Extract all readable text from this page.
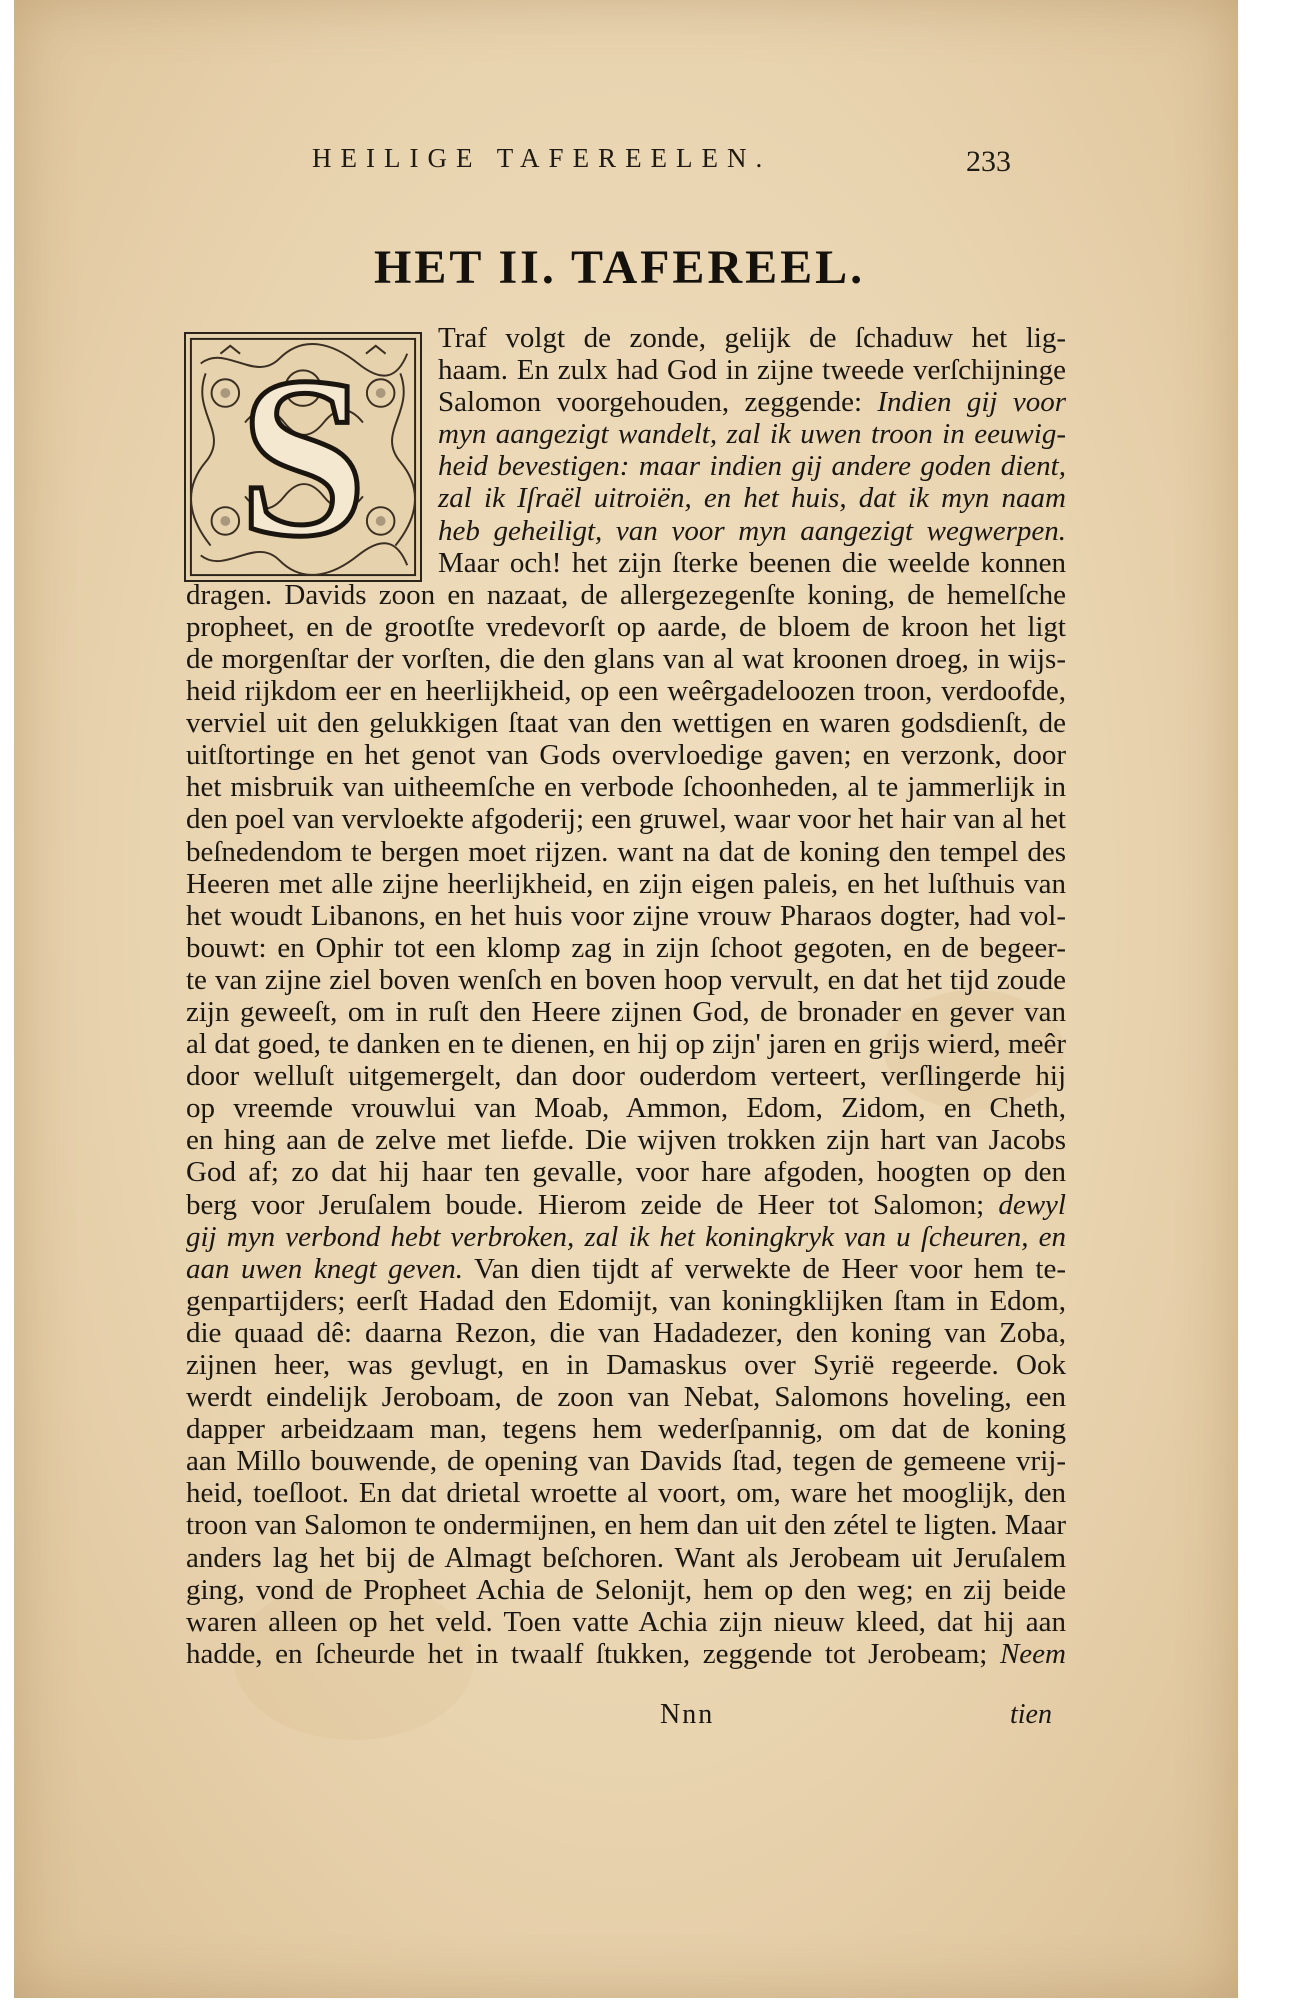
HEILIGE TAFEREELEN.	233
HET II. TAFEREEL.
S	Traf volgt de zonde, gelijk de ſchaduw het lig-
haam. En zulx had God in zijne tweede verſchijninge
Salomon voorgehouden, zeggende: Indien gij voor
myn aangezigt wandelt, zal ik uwen troon in eeuwig-
heid bevestigen: maar indien gij andere goden dient,
zal ik Iſraël uitroiën, en het huis, dat ik myn naam
heb geheiligt, van voor myn aangezigt wegwerpen.
Maar och! het zijn ſterke beenen die weelde konnen
dragen. Davids zoon en nazaat, de allergezegenſte koning, de hemelſche
propheet, en de grootſte vredevorſt op aarde, de bloem de kroon het ligt
de morgenſtar der vorſten, die den glans van al wat kroonen droeg, in wijs-
heid rijkdom eer en heerlijkheid, op een weêrgadeloozen troon, verdoofde,
verviel uit den gelukkigen ſtaat van den wettigen en waren godsdienſt, de
uitſtortinge en het genot van Gods overvloedige gaven; en verzonk, door
het misbruik van uitheemſche en verbode ſchoonheden, al te jammerlijk in
den poel van vervloekte afgoderij; een gruwel, waar voor het hair van al het
beſnedendom te bergen moet rijzen. want na dat de koning den tempel des
Heeren met alle zijne heerlijkheid, en zijn eigen paleis, en het luſthuis van
het woudt Libanons, en het huis voor zijne vrouw Pharaos dogter, had vol-
bouwt: en Ophir tot een klomp zag in zijn ſchoot gegoten, en de begeer-
te van zijne ziel boven wenſch en boven hoop vervult, en dat het tijd zoude
zijn geweeſt, om in ruſt den Heere zijnen God, de bronader en gever van
al dat goed, te danken en te dienen, en hij op zijn' jaren en grijs wierd, meêr
door welluſt uitgemergelt, dan door ouderdom verteert, verſlingerde hij
op vreemde vrouwlui van Moab, Ammon, Edom, Zidom, en Cheth,
en hing aan de zelve met liefde. Die wijven trokken zijn hart van Jacobs
God af; zo dat hij haar ten gevalle, voor hare afgoden, hoogten op den
berg voor Jeruſalem boude. Hierom zeide de Heer tot Salomon; dewyl
gij myn verbond hebt verbroken, zal ik het koningkryk van u ſcheuren, en
aan uwen knegt geven. Van dien tijdt af verwekte de Heer voor hem te-
genpartijders; eerſt Hadad den Edomijt, van koningklijken ſtam in Edom,
die quaad dê: daarna Rezon, die van Hadadezer, den koning van Zoba,
zijnen heer, was gevlugt, en in Damaskus over Syrië regeerde. Ook
werdt eindelijk Jeroboam, de zoon van Nebat, Salomons hoveling, een
dapper arbeidzaam man, tegens hem wederſpannig, om dat de koning
aan Millo bouwende, de opening van Davids ſtad, tegen de gemeene vrij-
heid, toeſloot. En dat drietal wroette al voort, om, ware het mooglijk, den
troon van Salomon te ondermijnen, en hem dan uit den zétel te ligten. Maar
anders lag het bij de Almagt beſchoren. Want als Jerobeam uit Jeruſalem
ging, vond de Propheet Achia de Selonijt, hem op den weg; en zij beide
waren alleen op het veld. Toen vatte Achia zijn nieuw kleed, dat hij aan
hadde, en ſcheurde het in twaalf ſtukken, zeggende tot Jerobeam; Neem
Nnn	tien
